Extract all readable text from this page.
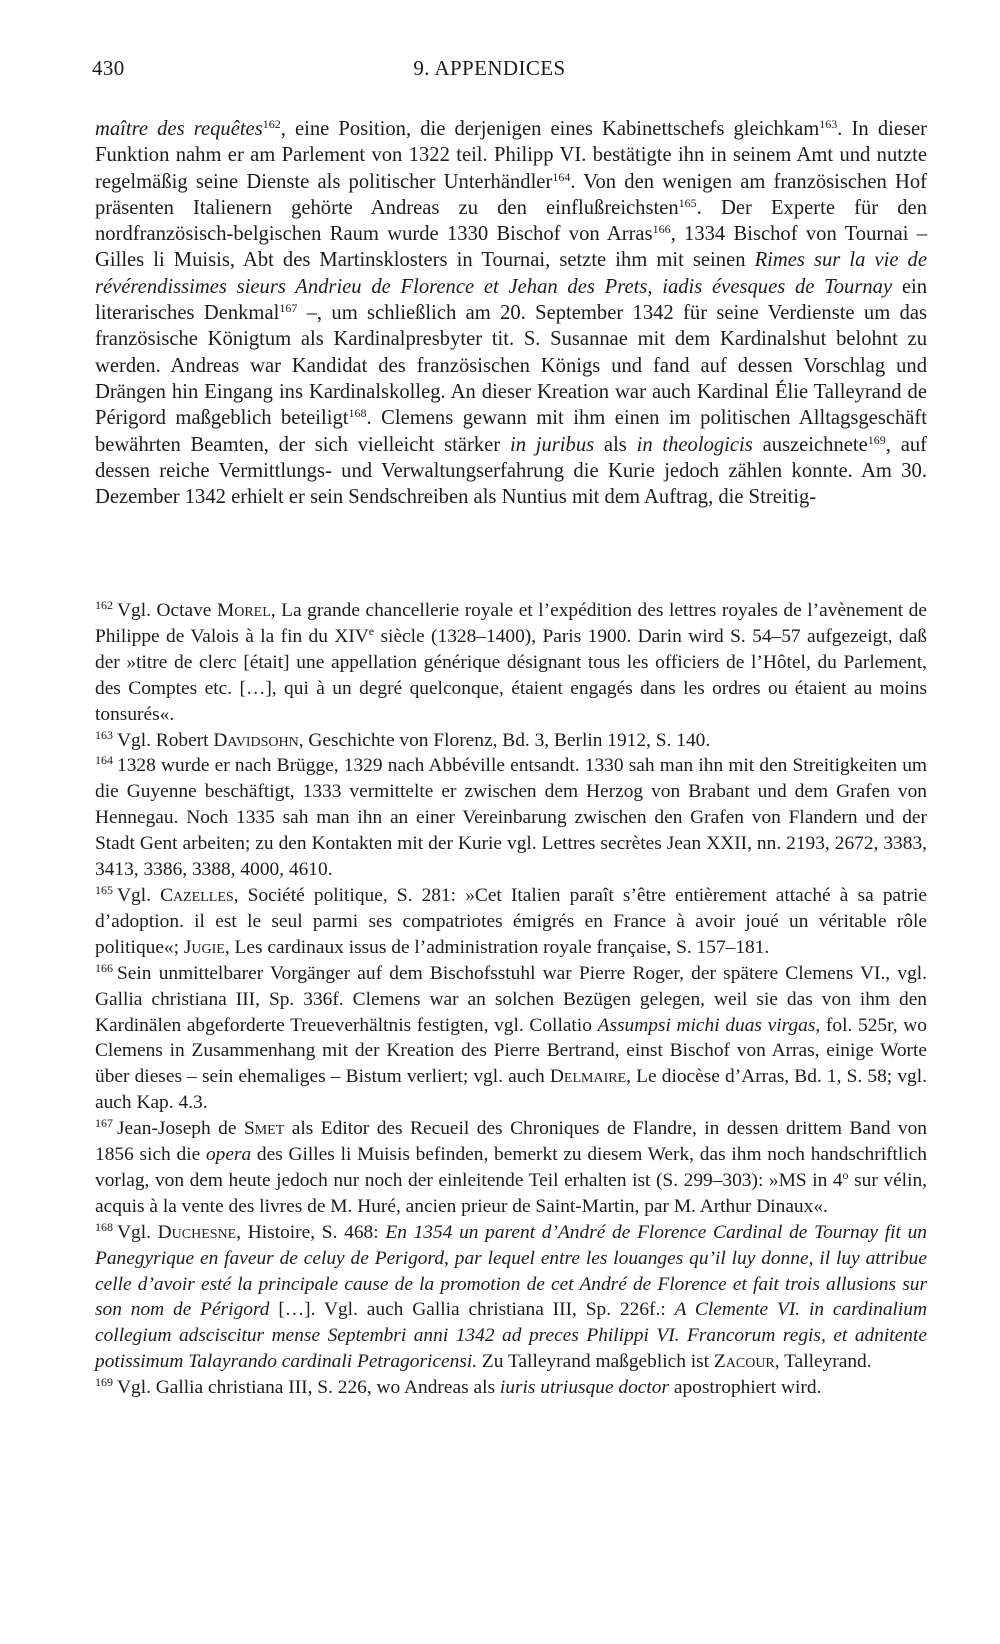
430	9. APPENDICES

maître des requêtes$^{162}$, eine Position, die derjenigen eines Kabinettschefs gleichkam$^{163}$. In dieser Funktion nahm er am Parlement von 1322 teil. Philipp VI. bestätigte ihn in seinem Amt und nutzte regelmäßig seine Dienste als politischer Unterhändler$^{164}$. Von den wenigen am französischen Hof präsenten Italienern gehörte Andreas zu den einflußreichsten$^{165}$. Der Experte für den nordfranzösisch-belgischen Raum wurde 1330 Bischof von Arras$^{166}$, 1334 Bischof von Tournai – Gilles li Muisis, Abt des Martinsklosters in Tournai, setzte ihm mit seinen Rimes sur la vie de révérendissimes sieurs Andrieu de Florence et Jehan des Prets, iadis évesques de Tournay ein literarisches Denkmal$^{167}$ –, um schließlich am 20. September 1342 für seine Verdienste um das französische Königtum als Kardinalpresbyter tit. S. Susannae mit dem Kardinalshut belohnt zu werden. Andreas war Kandidat des französischen Königs und fand auf dessen Vorschlag und Drängen hin Eingang ins Kardinalskolleg. An dieser Kreation war auch Kardinal Élie Talleyrand de Périgord maßgeblich beteiligt$^{168}$. Clemens gewann mit ihm einen im politischen Alltagsgeschäft bewährten Beamten, der sich vielleicht stärker in juribus als in theologicis auszeichnete$^{169}$, auf dessen reiche Vermittlungs- und Verwaltungserfahrung die Kurie jedoch zählen konnte. Am 30. Dezember 1342 erhielt er sein Sendschreiben als Nuntius mit dem Auftrag, die Streitig-

$^{162}$ Vgl. Octave Morel, La grande chancellerie royale et l’expédition des lettres royales de l’avènement de Philippe de Valois à la fin du XIVe siècle (1328–1400), Paris 1900. Darin wird S. 54–57 aufgezeigt, daß der »titre de clerc [était] une appellation générique désignant tous les officiers de l’Hôtel, du Parlement, des Comptes etc. […], qui à un degré quelconque, étaient engagés dans les ordres ou étaient au moins tonsurés«.

$^{163}$ Vgl. Robert Davidsohn, Geschichte von Florenz, Bd. 3, Berlin 1912, S. 140.

$^{164}$ 1328 wurde er nach Brügge, 1329 nach Abbéville entsandt. 1330 sah man ihn mit den Streitigkeiten um die Guyenne beschäftigt, 1333 vermittelte er zwischen dem Herzog von Brabant und dem Grafen von Hennegau. Noch 1335 sah man ihn an einer Vereinbarung zwischen den Grafen von Flandern und der Stadt Gent arbeiten; zu den Kontakten mit der Kurie vgl. Lettres secrètes Jean XXII, nn. 2193, 2672, 3383, 3413, 3386, 3388, 4000, 4610.

$^{165}$ Vgl. Cazelles, Société politique, S. 281: »Cet Italien paraît s’être entièrement attaché à sa patrie d’adoption. il est le seul parmi ses compatriotes émigrés en France à avoir joué un véritable rôle politique«; Jugie, Les cardinaux issus de l’administration royale française, S. 157–181.

$^{166}$ Sein unmittelbarer Vorgänger auf dem Bischofsstuhl war Pierre Roger, der spätere Clemens VI., vgl. Gallia christiana III, Sp. 336f. Clemens war an solchen Bezügen gelegen, weil sie das von ihm den Kardinälen abgeforderte Treueverhältnis festigten, vgl. Collatio Assumpsi michi duas virgas, fol. 525r, wo Clemens in Zusammenhang mit der Kreation des Pierre Bertrand, einst Bischof von Arras, einige Worte über dieses – sein ehemaliges – Bistum verliert; vgl. auch Delmaire, Le diocèse d’Arras, Bd. 1, S. 58; vgl. auch Kap. 4.3.

$^{167}$ Jean-Joseph de Smet als Editor des Recueil des Chroniques de Flandre, in dessen drittem Band von 1856 sich die opera des Gilles li Muisis befinden, bemerkt zu diesem Werk, das ihm noch handschriftlich vorlag, von dem heute jedoch nur noch der einleitende Teil erhalten ist (S. 299–303): »MS in 4$^o$ sur vélin, acquis à la vente des livres de M. Huré, ancien prieur de Saint-Martin, par M. Arthur Dinaux«.

$^{168}$ Vgl. Duchesne, Histoire, S. 468: En 1354 un parent d’André de Florence Cardinal de Tournay fit un Panegyrique en faveur de celuy de Perigord, par lequel entre les louanges qu’il luy donne, il luy attribue celle d’avoir esté la principale cause de la promotion de cet André de Florence et fait trois allusions sur son nom de Périgord […]. Vgl. auch Gallia christiana III, Sp. 226f.: A Clemente VI. in cardinalium collegium adsciscitur mense Septembri anni 1342 ad preces Philippi VI. Francorum regis, et adnitente potissimum Talayrando cardinali Petragoricensi. Zu Talleyrand maßgeblich ist Zacour, Talleyrand.

$^{169}$ Vgl. Gallia christiana III, S. 226, wo Andreas als iuris utriusque doctor apostrophiert wird.
